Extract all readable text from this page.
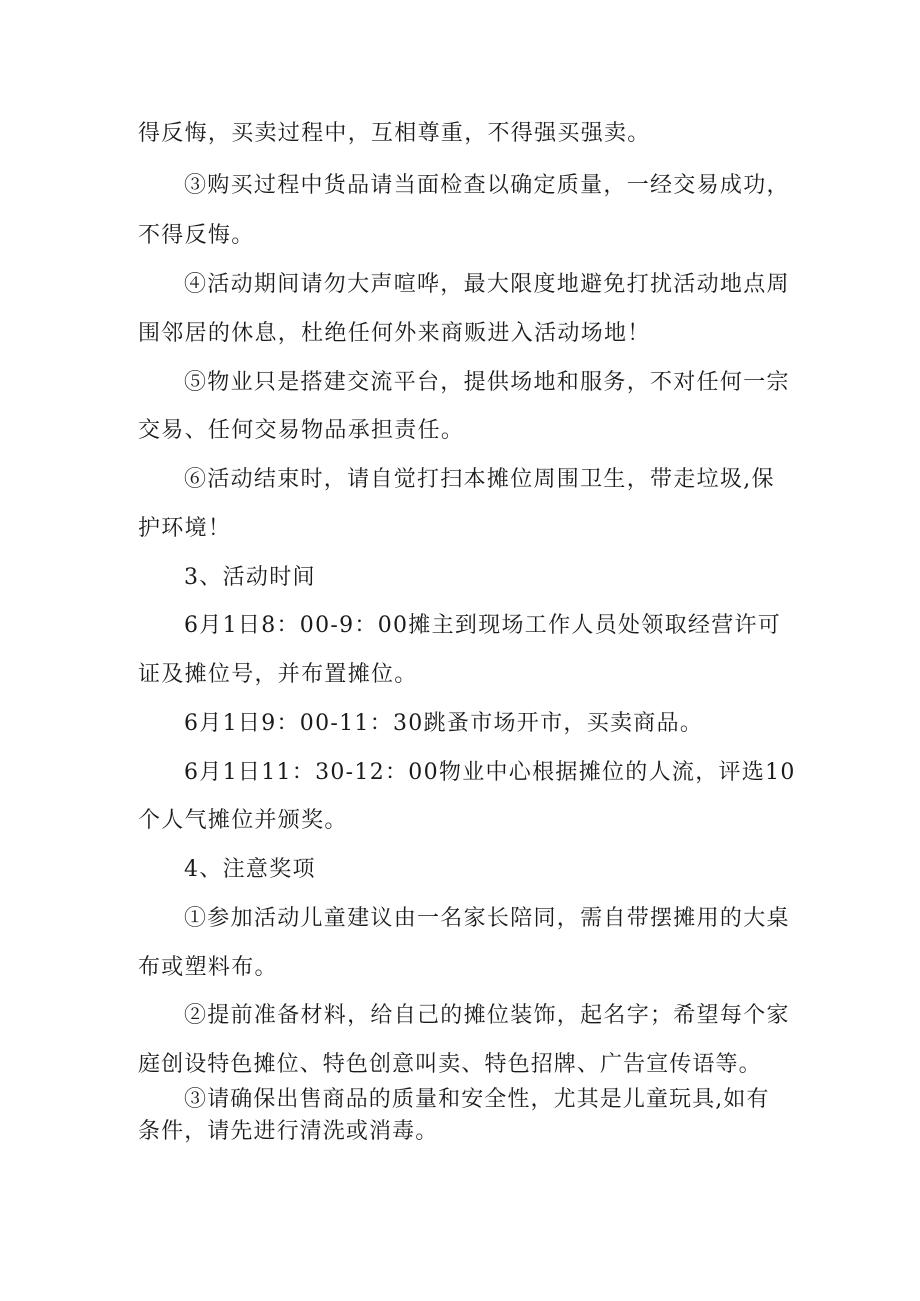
得反悔，买卖过程中，互相尊重，不得强买强卖。
③购买过程中货品请当面检查以确定质量，一经交易成功，
不得反悔。
④活动期间请勿大声喧哗，最大限度地避免打扰活动地点周
围邻居的休息，杜绝任何外来商贩进入活动场地！
⑤物业只是搭建交流平台，提供场地和服务，不对任何一宗
交易、任何交易物品承担责任。
⑥活动结束时，请自觉打扫本摊位周围卫生，带走垃圾,保
护环境！
3、活动时间
6月1日8：00-9：00摊主到现场工作人员处领取经营许可
证及摊位号，并布置摊位。
6月1日9：00-11：30跳蚤市场开市，买卖商品。
6月1日11：30-12：00物业中心根据摊位的人流，评选10
个人气摊位并颁奖。
4、注意奖项
①参加活动儿童建议由一名家长陪同，需自带摆摊用的大桌
布或塑料布。
②提前准备材料，给自己的摊位装饰，起名字；希望每个家
庭创设特色摊位、特色创意叫卖、特色招牌、广告宣传语等。
③请确保出售商品的质量和安全性，尤其是儿童玩具,如有
条件，请先进行清洗或消毒。
